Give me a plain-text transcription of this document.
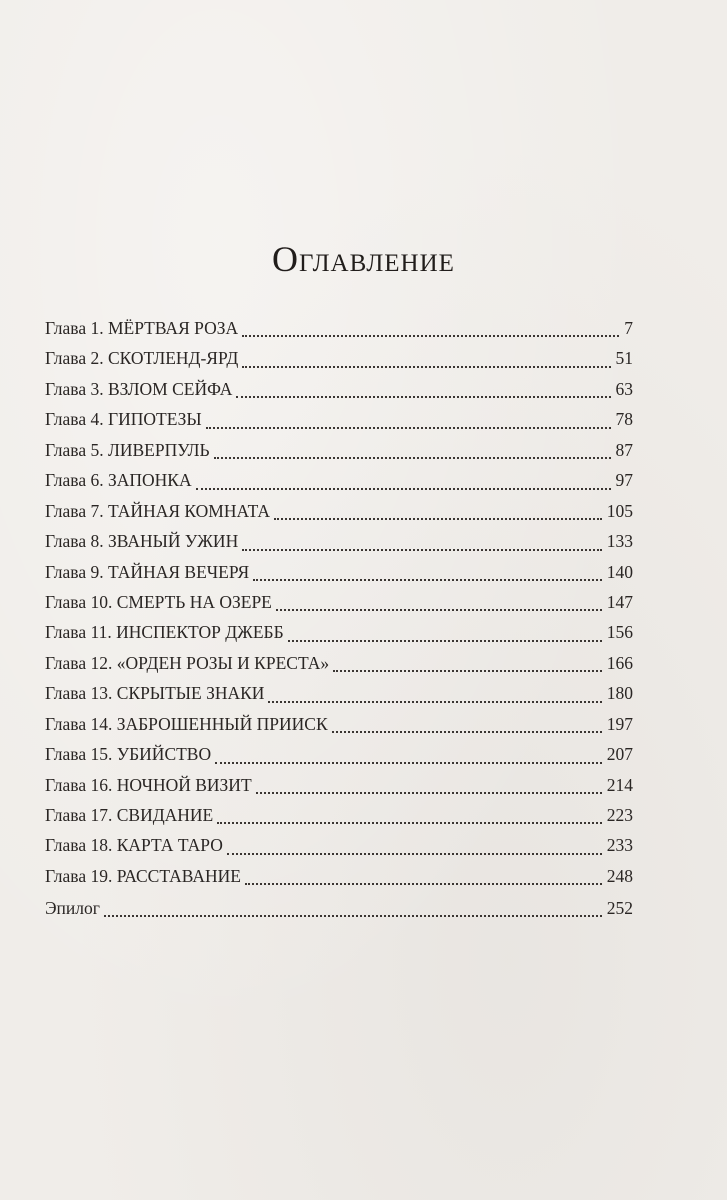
Оглавление
Глава 1. МЁРТВАЯ РОЗА	7
Глава 2. СКОТЛЕНД-ЯРД	51
Глава 3. ВЗЛОМ СЕЙФА	63
Глава 4. ГИПОТЕЗЫ	78
Глава 5. ЛИВЕРПУЛЬ	87
Глава 6. ЗАПОНКА	97
Глава 7. ТАЙНАЯ КОМНАТА	105
Глава 8. ЗВАНЫЙ УЖИН	133
Глава 9. ТАЙНАЯ ВЕЧЕРЯ	140
Глава 10. СМЕРТЬ НА ОЗЕРЕ	147
Глава 11. ИНСПЕКТОР ДЖЕББ	156
Глава 12. «ОРДЕН РОЗЫ И КРЕСТА»	166
Глава 13. СКРЫТЫЕ ЗНАКИ	180
Глава 14. ЗАБРОШЕННЫЙ ПРИИСК	197
Глава 15. УБИЙСТВО	207
Глава 16. НОЧНОЙ ВИЗИТ	214
Глава 17. СВИДАНИЕ	223
Глава 18. КАРТА ТАРО	233
Глава 19. РАССТАВАНИЕ	248
Эпилог	252
